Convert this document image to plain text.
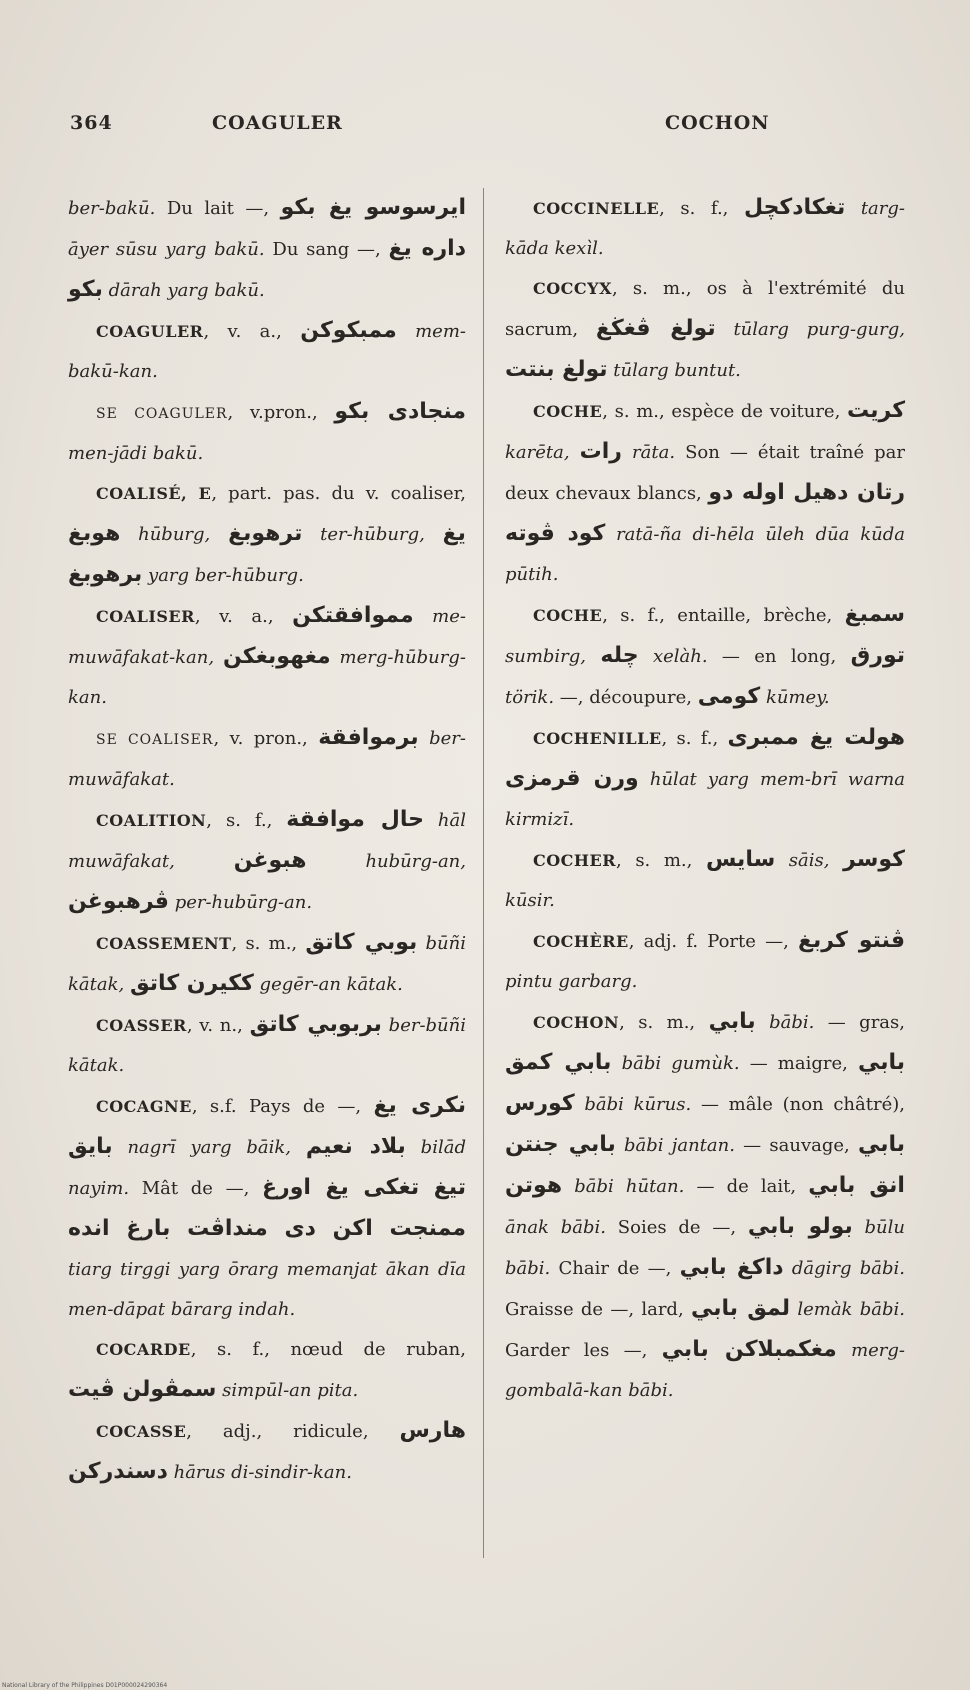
364	COAGULER	COCHON
ber-bakū. Du lait —, ايرسوسو يغ بكو āyer sūsu yarg bakū. Du sang —, داره يغ بكو dārah yarg bakū.
COAGULER, v. a., ممبكوكن mem-bakū-kan.
SE COAGULER, v.pron., منجادى بكو men-jādi bakū.
COALISÉ, E, part. pas. du v. coaliser, هوبغ hūburg, ترهوبغ ter-hūburg, يغ برهوبغ yarg ber-hūburg.
COALISER, v. a., مموافقتكن me-muwāfakat-kan, مغهوبغكن merg-hūburg-kan.
SE COALISER, v. pron., برموافقة ber-muwāfakat.
COALITION, s. f., حال موافقة hāl muwāfakat,	هبوغن	hubūrg-an, ڤرهبوغن per-hubūrg-an.
COASSEMENT, s. m., بوبي كاتق būñi kātak, ککيرن كاتق gegēr-an kātak.
COASSER, v. n., بربوبي كاتق ber-būñi kātak.
COCAGNE, s.f. Pays de —, نكرى يغ بايق nagrī yarg bāik, بلاد نعيم bilād nayim. Mât de —, تيغ تغکى يغ اورغ ممنجت اكن دى منداڤت بارغ انده tiarg tirggi yarg ōrarg memanjat ākan dīa men-dāpat bārarg indah.
COCARDE, s. f., nœud de ruban, سمڤولن ڤيت simpūl-an pita.
COCASSE, adj., ridicule, هارس دسندركن hārus di-sindir-kan.
COCCINELLE, s. f., تغكادكچل targ-kāda kexìl.
COCCYX, s. m., os à l'extrémité du sacrum, تولغ ڤغڬغ tūlarg purg-gurg, تولغ بنتت tūlarg buntut.
COCHE, s. m., espèce de voiture, كريت karēta, رات rāta. Son — était traîné par deux chevaux blancs, رتان دهيل اوله دو كود ڤوته ratā-ña di-hēla ūleh dūa kūda pūtih.
COCHE, s. f., entaille, brèche, سمبغ sumbirg, چله xelàh. — en long, تورق törik. —, découpure, كومى kūmey.
COCHENILLE, s. f., هولت يغ ممبرى ورن قرمزى hūlat yarg mem-brī warna kirmizī.
COCHER, s. m., سايس sāis, كوسر kūsir.
COCHÈRE, adj. f. Porte —, ڤنتو كربغ pintu garbarg.
COCHON, s. m., بابي bābi. — gras, بابي كمق bābi gumùk. — maigre, بابي كورس bābi kūrus. — mâle (non châtré), بابي جنتن bābi jantan. — sauvage, بابي هوتن bābi hūtan. — de lait, انق بابي ānak bābi. Soies de —, بولو بابي būlu bābi. Chair de —, داكغ بابي dāgirg bābi. Graisse de —, lard, لمق بابي lemàk bābi. Garder les —, مغكمبلاكن بابي merg-gombalā-kan bābi.
National Library of the Philippines D01P000024290364
